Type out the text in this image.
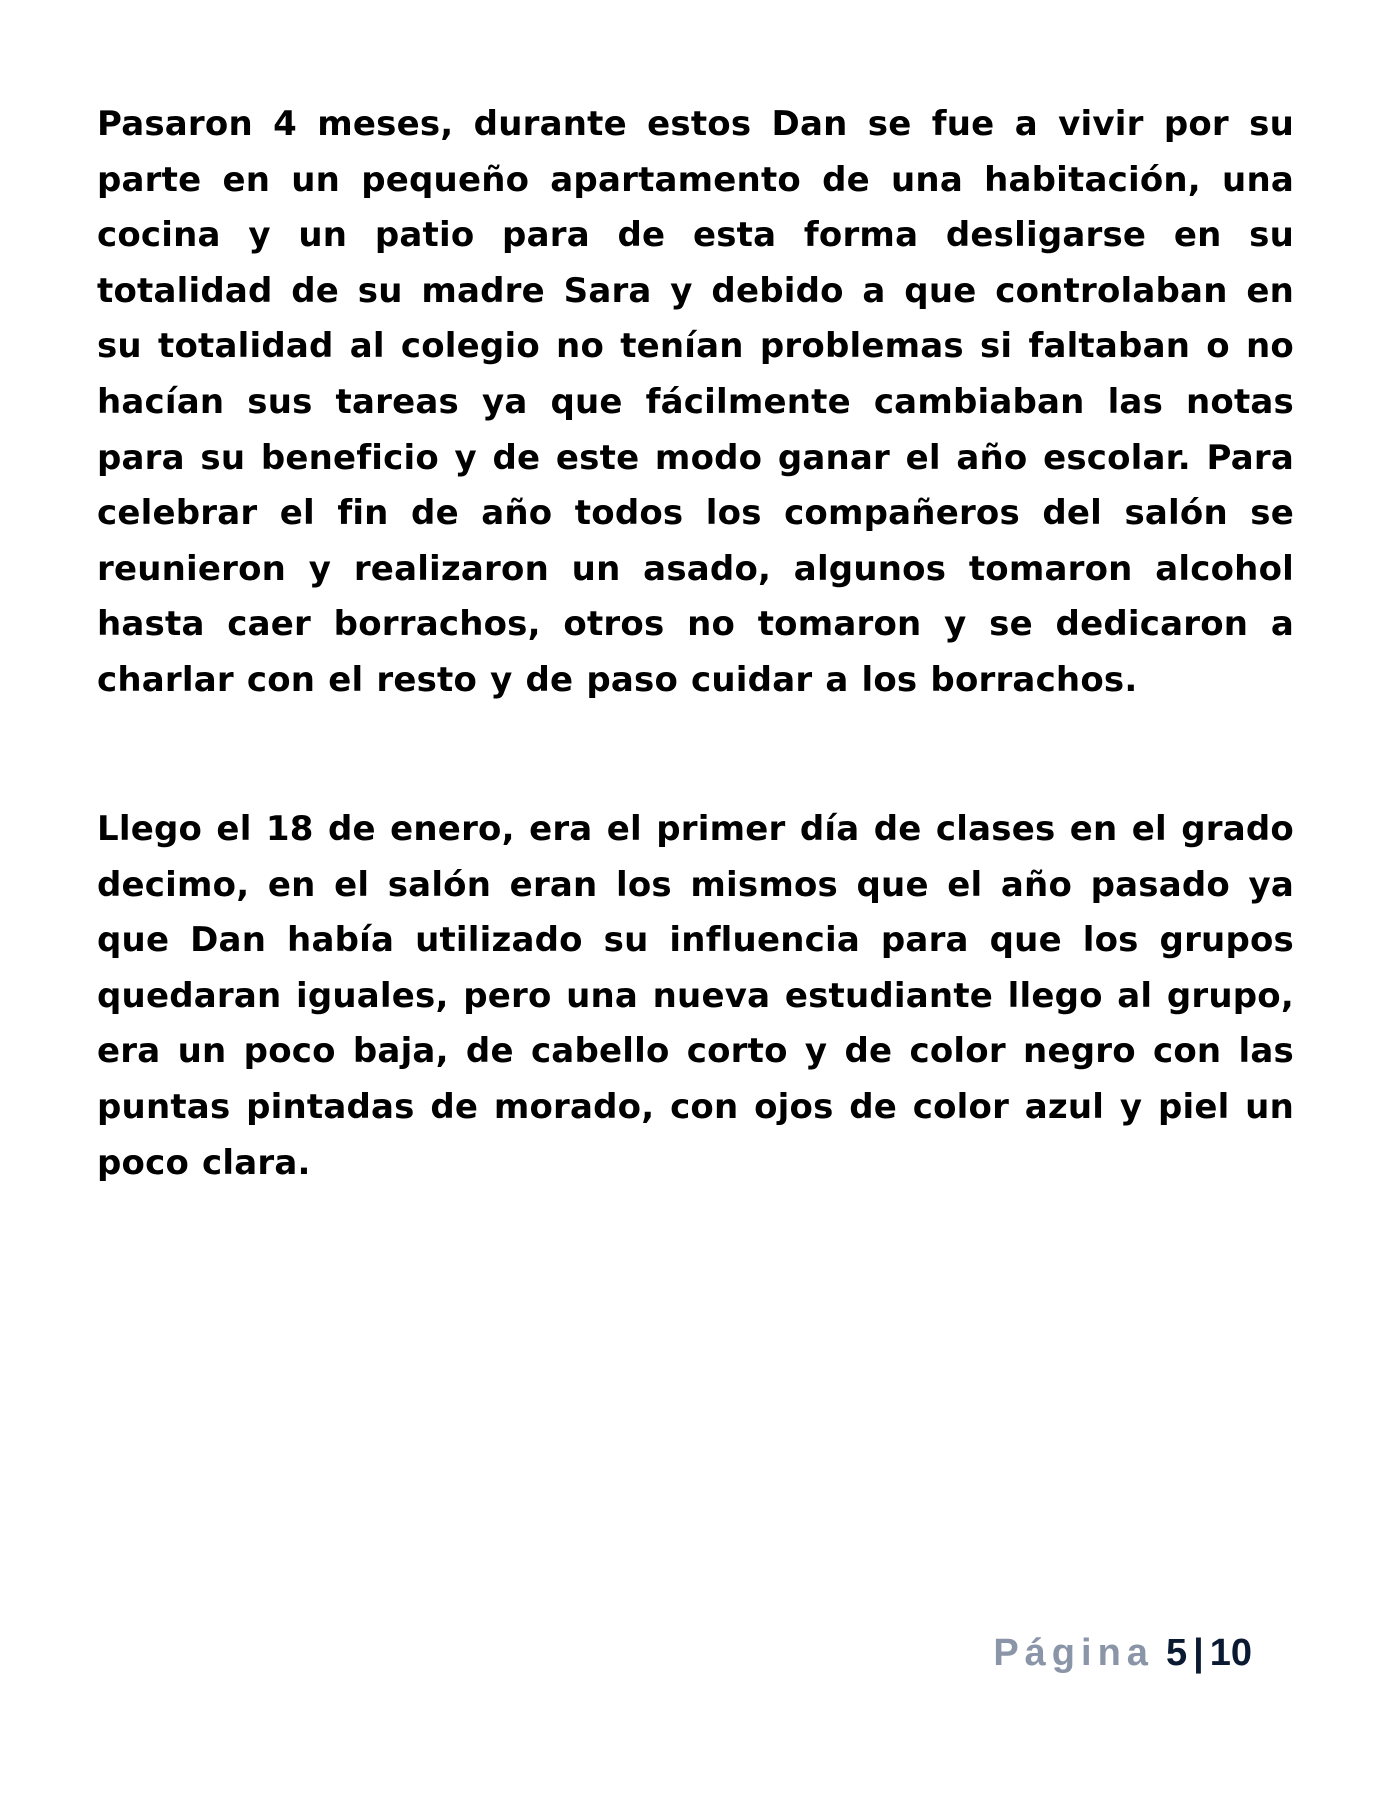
Pasaron 4 meses, durante estos Dan se fue a vivir por su parte en un pequeño apartamento de una habitación, una cocina y un patio para de esta forma desligarse en su totalidad de su madre Sara y debido a que controlaban en su totalidad al colegio no tenían problemas si faltaban o no hacían sus tareas ya que fácilmente cambiaban las notas para su beneficio y de este modo ganar el año escolar. Para celebrar el fin de año todos los compañeros del salón se reunieron y realizaron un asado, algunos tomaron alcohol hasta caer borrachos, otros no tomaron y se dedicaron a charlar con el resto y de paso cuidar a los borrachos.

Llego el 18 de enero, era el primer día de clases en el grado decimo, en el salón eran los mismos que el año pasado ya que Dan había utilizado su influencia para que los grupos quedaran iguales, pero una nueva estudiante llego al grupo, era un poco baja, de cabello corto y de color negro con las puntas pintadas de morado, con ojos de color azul y piel un poco clara.

Página 5 | 10
